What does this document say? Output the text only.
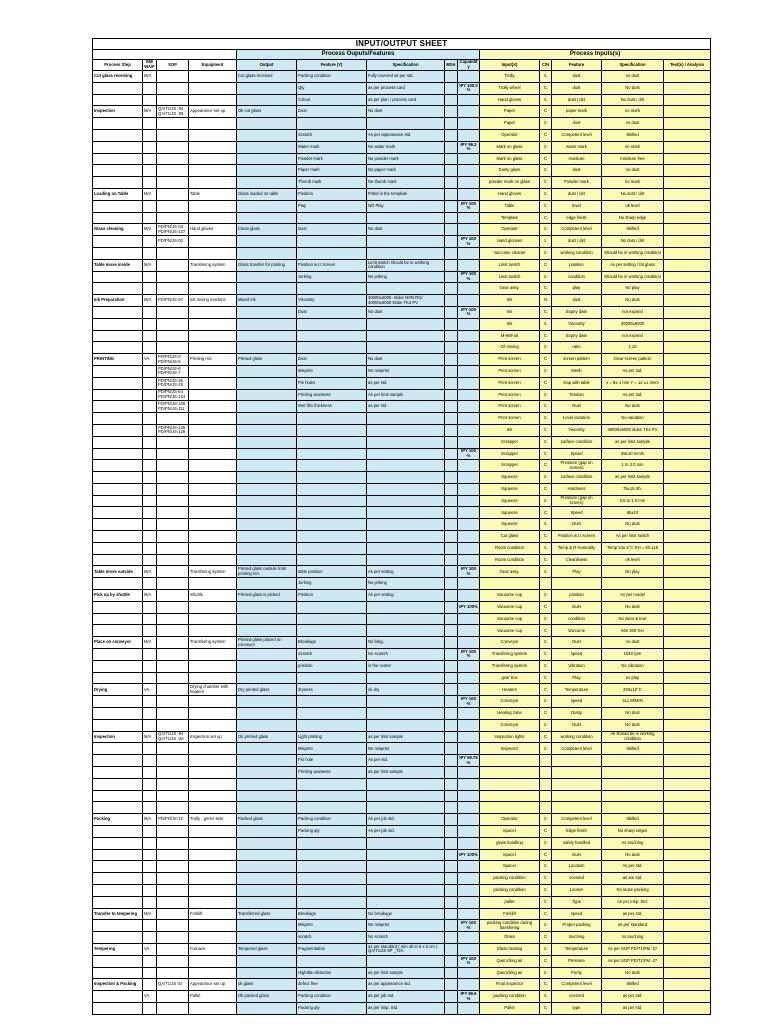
INPUT/OUTPUT SHEET													
				Process Ouputs/Features					Process Inputs(s)				
Process Step	SM/ WA/F	SOP	Equipment	Output	Feature (Y)	Specification	MSA	Capability	Input(X)	C/N	Feature	Specification	Test(s) / Analysis
Cut glass receiving	M/A			Cut glass received	Packing condition	Fully covered as per std.			Trolly	C	dust	no dust	
					Qty	as per process card		IPY 100.0 %	Trolly wheel	C	dust	No dust	
					Colour	as per plan / process card			Hand gloves	C	dust / dirt	No dust / dirt	
Inspection	M/A	QA/T1/JS -04 QA/T1/JS -06	Appearance set up	Ok cut glass	Dust	No dust			Paper	C	paper mark	no mark	
									Paper	C	dust	no dust	
					Scratch	As per appearance std.			Operator	C	Competent level	Skilled	
					Water mark	No water mark		IPY 99.2 %	Mark on glass	C	water mark	no mark	
					Powder mark	No powder mark			Mark on glass	C	moisture	moisture free	
					Paper mark	No paper mark			Dusty glass	C	dust	no dust	
					Thumb mark	No thumb mark			powder mark on glass	C	Powder mark	no mark	
Loading on Table	M/A		Table	Glass loaded on table	Position	Fitted in the template			Hand gloves	C	dust / dirt	No dust / dirt	
					Play	NO Play		IPY 100 %	Table	C	level	ok level	
									Template	C	edge finish	No sharp edge	
Glass cleaning	M/A	PD/PN/JS-03 PD/PN/JS-127	Hand gloves	Clean glass	Dust	No dust			Operator	C	Competent level	Skilled	
		PD/PN/JS-02						IPY 100 %	Hand glooves	L	dust / dirt	No dust / dirt	
									Vaccume cleaner	C	working condition	Should be in working condition	
Table move inside	M/A		Transfering system	Glass transfer for printing	Position w.r.t screen	Limit switch should be in working condition			Limit switch	C	position	As per setting / fat glass	
					Jerking	No jerking		IPY 100 %	Limit switch	C	condition	Should be in working condition	
									Gear assy.	C	play	No play	
Ink Preparation	M/A	PD/PN/JS-07	Ink mixing machine	Mixed ink	Viscosity	30000±6000 -stoke MYB RG/ 30000±6000 stoke TK4 PV			Ink	N	dust	No dust	
					Dust	No dust		IPY 100 %	Ink	C	Expiry date	not expired	
									Ink	C	Viscosity	30000±6000	
									M-909 oil	C	Expiry date	not expired	
									Oil mixing	C	ratio	1:10	
PRINTING	VA	PD/PN/JS-0 PD/PN/JS-5	Printing m/c	Printed glass	Dust	No dust			Print screen	C	screen pattern	Clear screen pattern	
		PD/PN/JS-6 PD/PN/JS-7			Misprint	No misprint			Print screen	C	Mesh	As per std.	
		PD/PN/JS-35 PD/PN/JS-25			Pin holes	as per std.			Print screen	C	Gap with table	x = 8± 1 mm Y = 12 ±1 2mm	
		PD/PN/JS-64 PD/PN/JS-104			Printing waviness	As per limit sample			Print screen	C	Tension	As per std.	
		PD/PN/JS-106 PD/PN/JS-111			Wet film thickness	as per std.			Print screen	C	Dust	No dust	
									Print screen	C	Level variation	No variation	
		PD/PN/JS-125 PD/PN/JS-126							Ink	C	Viscosity	30000±6000 stoke TK4 PV	
									Scrapper	C	surface condition	as per limit sample	
								IPY 100 %	Scrapper	C	Speed	98±10 mm/s	
									Scrapper	C	Pressure (gap on screen)	1 to 3.0 mm	
									Squeeze	C	surface condition	as per limit sample	
									Squeeze	C	Hardness	75±15 Sh.	
									Squeeze	C	Pressure (gap on screen)	0.5 to 1.0 mm	
									Squeeze	C	Speed	65±10	
									Squeeze	C	Dust	No dust	
									Cut glass	C	Position w.r.t screen	As per limit switch	
									Room condition	C	Temp & R Humudity	Temp 23± 5°C RH = 60 ±15	
									Room condition	C	Cleanliness	ok level	
Table move outside	M/A		Transfering system	Printed glass outside from printing m/c	table position	As per setting		IPY 100 %	Gear assy.	C	Play	No play	
					Jerking	No jerking							
Pick up by shuttle	M/A		Shuttle	Printed glass is picked	Position	As per setting			Vacuume cup	C	position	As per model	
								IPY 100%	Vacuume cup	C	Dust	No dust	
									Vacuume cup	C	condition	No wear & tear	
									Vacuume cup	C	Vaccume	Min 300 GH	
Place on conveyor	M/A		Transfering system	Printed glass placed on conveyor	Breakage	No brkg.			Conveyor	C	Dust	no dust	
					Scratch	No scratch		IPY 100 %	Transfering system	C	speed	1040 rpm	
					position	in the center			Transfering system	C	Vibration	No vibration	
									gear box	C	Play	no play	
Drying	VA		Drying chamber with heaters	Dry printed glass	dryness	ok dry			Heaters	C	Temperature	200±10°C	
								IPY 100 %	Conveyor	C	speed	3±1 M/MIN	
									Heating zone	C	Dusty	No dust	
									Conveyor	C	Dust	No dust	
Inspection	M/A	QA/T1/JS -04 QA/T1/JS -3A	Inspection set up	Ok printed glass	Light printing	as per limit sample			Inspection lights	C	working condition	All should be in working condition	
					Misprint	No misprint			Inspector	C	Competent level	Skilled	
					Pin hole	As per std.		IPY 99.75 %					
					Printing waviness	as per limit sample							

Packing	M/A	PD/PN/JS-10	Trolly , green sets	Packed glass	Packing condition	As per job std.			Operator	C	Competent level	Skilled	
					Packing qty	As per job std.			Spacer	C	Edge finish	No sharp edges	
									glass handling	C	safely handled	no touching	
								IPY 100%	Spacer	C	Dust	No dust	
									Spacer	C	Location	As per std.	
									packing condition	C	covered	as are std.	
									packing condition	C	Loosen	No loose packing	
									pallet	C	Type	As per insp. Std.	
Transfer to tempering	M/A		Forklift	Transferred glass	Breakage	No breakage			Forklift	C	speed	as per std.	
					Misprint	No misprint		IPY 100 %	packing condition during transfering	C	Proper packing	as per standard	
					scratch	No scratch			Glass	C	touching	no touching	
Tempering	VA		Furnace	Tempered glass	Fragmentation	as per standard ( min 40 in 5 x 5 cm ) QA/T1/JS 5P _T2A			Glass heating	C	Temperature	As per SOP PD/T1/FM -27	
								IPY 100 %	Quenching air	C	Pressure	As per SOP PD/T1/FM -27	
					Hightlite distortion	as per limit sample			Quenching air	C	Purity	No dust	
Inspection & Packing		QA/T1/JS 04	Appearance set up	ok glass	defect free	as per appearance std.			Final inspector	C	Competent level	Skilled	
	VA		Pallet	Ok packed glass	Packing condition	as per job std.		IPY 99.5 %	packing condition	C	covered	as per std.	
					Packing qty	as per insp. Std.			Pallet	C	type	as per std.	
